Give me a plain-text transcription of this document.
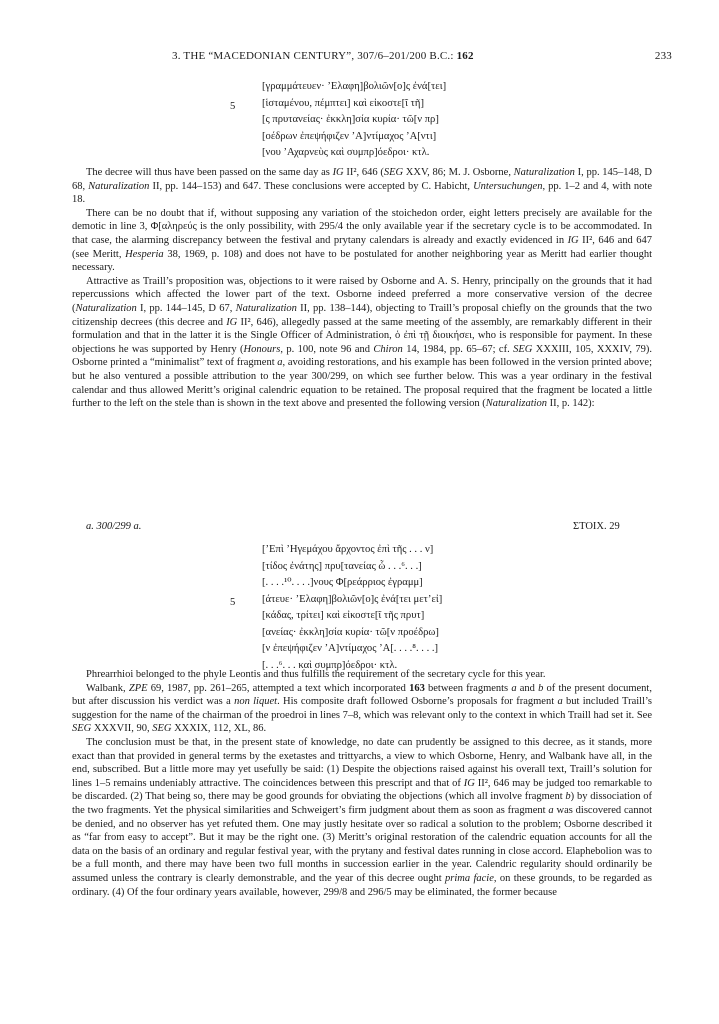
3. THE “MACEDONIAN CENTURY”, 307/6–201/200 B.C.: 162	233
5
[γραμμάτευεν· ’Ελαφη]βολιῶν[ο]ς ἐνά[τει]
[ἱσταμένου, πέμπτει] καὶ εἰκοστε[ῖ τῆ]
[ς πρυτανείας· ἐκκλη]σία κυρία· τῶ[ν πρ]
[οέδρων ἐπεψήφιζεν ’Α]ντίμαχος ’Α[ντι]
[νου ’Αχαρνεὺς καὶ συμπρ]όεδροι· κτλ.

The decree will thus have been passed on the same day as IG II², 646 (SEG XXV, 86; M. J. Osborne, Naturalization I, pp. 145–148, D 68, Naturalization II, pp. 144–153) and 647. These conclusions were accepted by C. Habicht, Untersuchungen, pp. 1–2 and 4, with note 18.

There can be no doubt that if, without supposing any variation of the stoichedon order, eight letters precisely are available for the demotic in line 3, Φ[αληρεύς is the only possibility, with 295/4 the only available year if the secretary cycle is to be accommodated. In that case, the alarming discrepancy between the festival and prytany calendars is already and exactly evidenced in IG II², 646 and 647 (see Meritt, Hesperia 38, 1969, p. 108) and does not have to be postulated for another neighboring year as Meritt had earlier thought necessary.

Attractive as Traill’s proposition was, objections to it were raised by Osborne and A. S. Henry, principally on the grounds that it had repercussions which affected the lower part of the text. Osborne indeed preferred a more conservative version of the decree (Naturalization I, pp. 144–145, D 67, Naturalization II, pp. 138–144), objecting to Traill’s proposal chiefly on the grounds that the two citizenship decrees (this decree and IG II², 646), allegedly passed at the same meeting of the assembly, are remarkably different in their formulation and that in the latter it is the Single Officer of Administration, ὁ ἐπὶ τῇ διοικήσει, who is responsible for payment. In these objections he was supported by Henry (Honours, p. 100, note 96 and Chiron 14, 1984, pp. 65–67; cf. SEG XXXIII, 105, XXXIV, 79). Osborne printed a “minimalist” text of fragment a, avoiding restorations, and his example has been followed in the version printed above; but he also ventured a possible attribution to the year 300/299, on which see further below. This was a year ordinary in the festival calendar and thus allowed Meritt’s original calendric equation to be retained. The proposal required that the fragment be located a little further to the left on the stele than is shown in the text above and presented the following version (Naturalization II, p. 142):

a. 300/299 a.	ΣΤΟΙΧ. 29
5
[’Επὶ ’Ηγεμάχου ἄρχοντος ἐπὶ τῆς . . . ν]
[τίδος ἐνάτης] πρυ[τανείας ὧ . . .⁶. . .]
[. . . .¹⁰. . . .]νους Φ[ρεάρριος ἐγραμμ]
[άτευε· ’Ελαφη]βολιῶν[ο]ς ἐνά[τει μετ’εἰ]
[κάδας, τρίτει] καὶ εἰκοστε[ῖ τῆς πρυτ]
[ανείας· ἐκκλη]σία κυρία· τῶ[ν προέδρω]
[ν ἐπεψήφιζεν ’Α]ντίμαχος ’Α[. . . .⁸. . . .]
[. . .⁶. . . καὶ συμπρ]όεδροι· κτλ.

Phrearrhioi belonged to the phyle Leontis and thus fulfills the requirement of the secretary cycle for this year.

Walbank, ZPE 69, 1987, pp. 261–265, attempted a text which incorporated 163 between fragments a and b of the present document, but after discussion his verdict was a non liquet. His composite draft followed Osborne’s proposals for fragment a but included Traill’s suggestion for the name of the chairman of the proedroi in lines 7–8, which was relevant only to the context in which Traill had set it. See SEG XXXVII, 90, SEG XXXIX, 112, XL, 86.

The conclusion must be that, in the present state of knowledge, no date can prudently be assigned to this decree, as it stands, more exact than that provided in general terms by the exetastes and trittyarchs, a view to which Osborne, Henry, and Walbank have all, in the end, subscribed. But a little more may yet usefully be said: (1) Despite the objections raised against his overall text, Traill’s solution for lines 1–5 remains undeniably attractive. The coincidences between this prescript and that of IG II², 646 may be judged too remarkable to be discarded. (2) That being so, there may be good grounds for obviating the objections (which all involve fragment b) by dissociation of the two fragments. Yet the physical similarities and Schweigert’s firm judgment about them as soon as fragment a was discovered cannot be denied, and no observer has yet refuted them. One may justly hesitate over so radical a solution to the problem; Osborne described it as “far from easy to accept”. But it may be the right one. (3) Meritt’s original restoration of the calendric equation accounts for all the data on the basis of an ordinary and regular festival year, with the prytany and festival dates running in close accord. Elaphebolion was to be a full month, and there may have been two full months in succession earlier in the year. Calendric regularity should ordinarily be assumed unless the contrary is clearly demonstrable, and the year of this decree ought prima facie, on these grounds, to be regarded as ordinary. (4) Of the four ordinary years available, however, 299/8 and 296/5 may be eliminated, the former because
